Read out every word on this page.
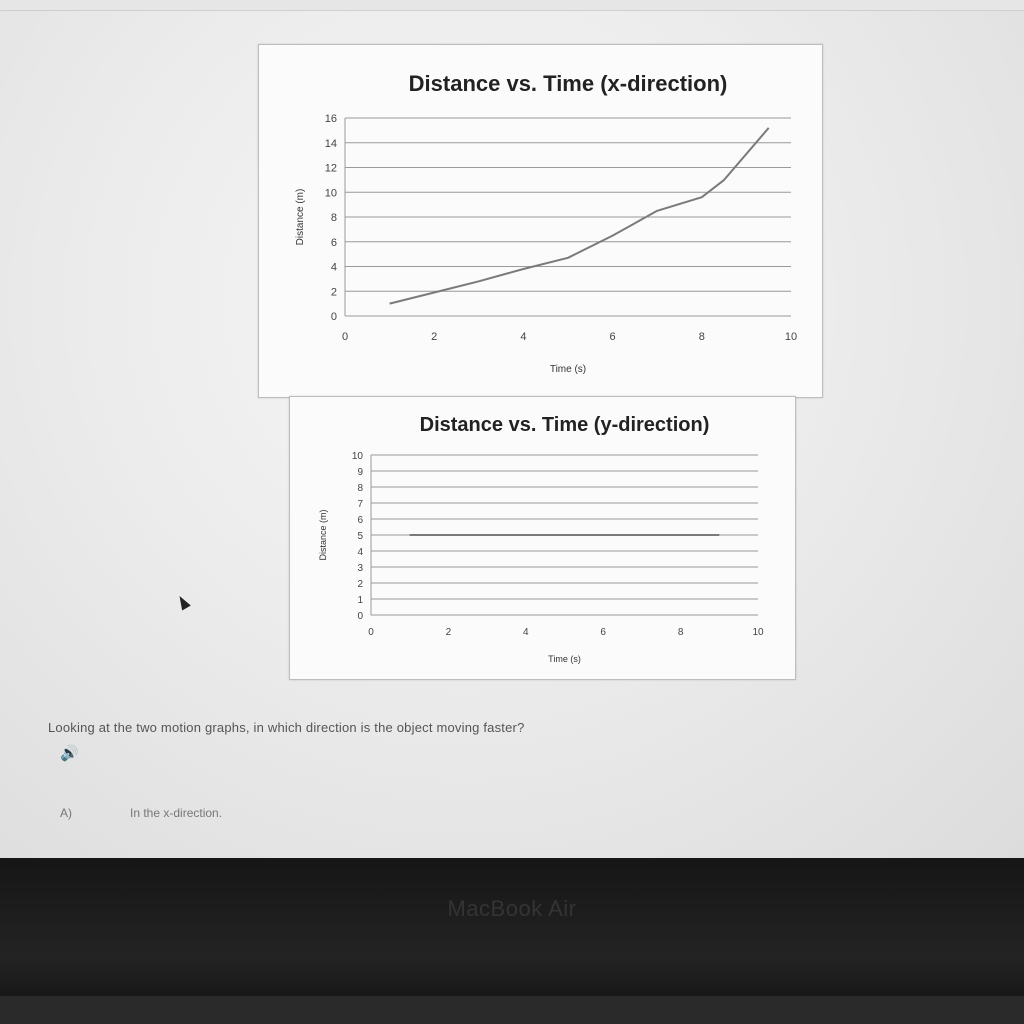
Distance vs. Time (x-direction)
0
2
4
6
8
10
12
14
16
0	2	4	6	8	10
Time (s)
Distance (m)
Distance vs. Time (y-direction)
0
1
2
3
4
5
6
7
8
9
10
0	2	4	6	8	10
Time (s)
Distance (m)

Looking at the two motion graphs, in which direction is the object moving faster?

🔊
A)	In the x-direction.
MacBook Air
